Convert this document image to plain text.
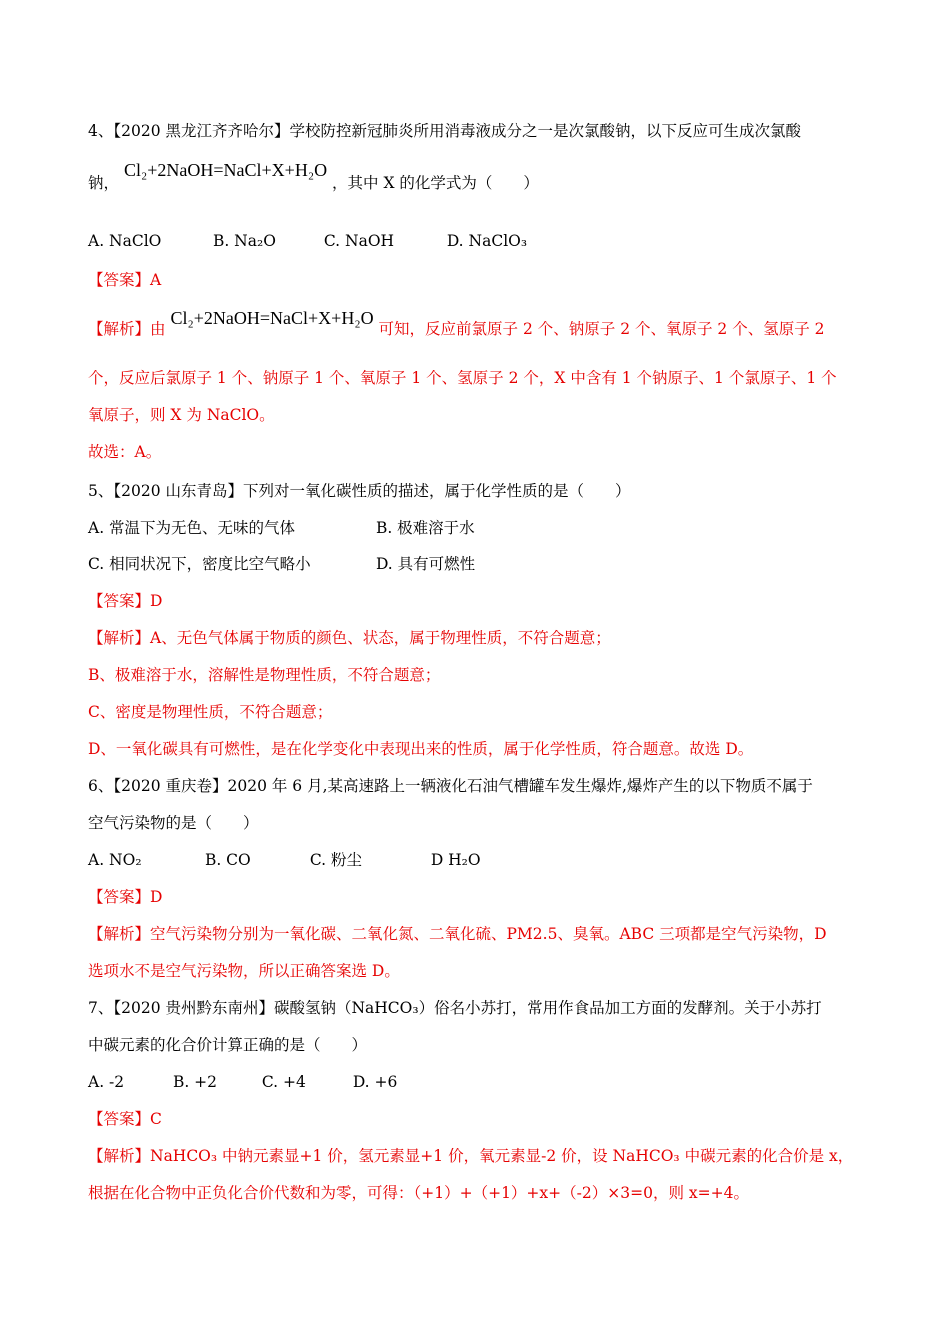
4、【2020 黑龙江齐齐哈尔】学校防控新冠肺炎所用消毒液成分之一是次氯酸钠，以下反应可生成次氯酸
钠， Cl₂+2NaOH=NaCl+X+H₂O ，其中 X 的化学式为（　　）
A. NaClO	B. Na₂O	C. NaOH	D. NaClO₃
【答案】A
【解析】由 Cl₂+2NaOH=NaCl+X+H₂O 可知，反应前氯原子 2 个、钠原子 2 个、氧原子 2 个、氢原子 2
个，反应后氯原子 1 个、钠原子 1 个、氧原子 1 个、氢原子 2 个，X 中含有 1 个钠原子、1 个氯原子、1 个
氧原子，则 X 为 NaClO。
故选：A。
5、【2020 山东青岛】下列对一氧化碳性质的描述，属于化学性质的是（　　）
A. 常温下为无色、无味的气体	B. 极难溶于水
C. 相同状况下，密度比空气略小	D. 具有可燃性
【答案】D
【解析】A、无色气体属于物质的颜色、状态，属于物理性质，不符合题意；
B、极难溶于水，溶解性是物理性质，不符合题意；
C、密度是物理性质，不符合题意；
D、一氧化碳具有可燃性，是在化学变化中表现出来的性质，属于化学性质，符合题意。故选 D。
6、【2020 重庆卷】2020 年 6 月,某高速路上一辆液化石油气槽罐车发生爆炸,爆炸产生的以下物质不属于
空气污染物的是（　　）
A. NO₂	B. CO	C. 粉尘	D H₂O
【答案】D
【解析】空气污染物分别为一氧化碳、二氧化氮、二氧化硫、PM2.5、臭氧。ABC 三项都是空气污染物，D
选项水不是空气污染物，所以正确答案选 D。
7、【2020 贵州黔东南州】碳酸氢钠（NaHCO₃）俗名小苏打，常用作食品加工方面的发酵剂。关于小苏打
中碳元素的化合价计算正确的是（　　）
A. -2	B. +2	C. +4	D. +6
【答案】C
【解析】NaHCO₃ 中钠元素显+1 价，氢元素显+1 价，氧元素显-2 价，设 NaHCO₃ 中碳元素的化合价是 x，
根据在化合物中正负化合价代数和为零，可得：（+1）+（+1）+x+（-2）×3=0，则 x=+4。
